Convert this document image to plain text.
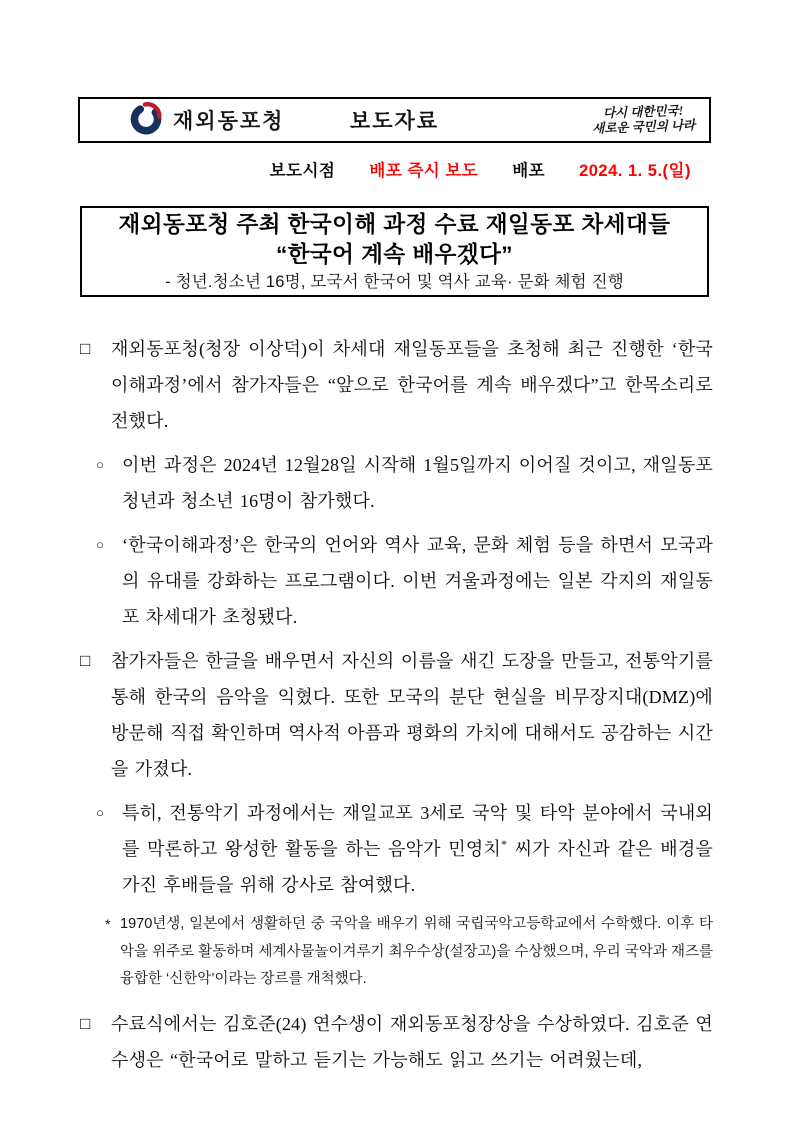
재외동포청	보도자료	다시 대한민국!
새로운 국민의 나라
보도시점 배포 즉시 보도 배포 2024. 1. 5.(일)
재외동포청 주최 한국이해 과정 수료 재일동포 차세대들
“한국어 계속 배우겠다”
- 청년.청소년 16명, 모국서 한국어 및 역사 교육· 문화 체험 진행
□	재외동포청(청장 이상덕)이 차세대 재일동포들을 초청해 최근 진행한 ‘한국이해과정’에서 참가자들은 “앞으로 한국어를 계속 배우겠다”고 한목소리로 전했다.
○ 이번 과정은 2024년 12월28일 시작해 1월5일까지 이어질 것이고, 재일동포 청년과 청소년 16명이 참가했다.
○ ‘한국이해과정’은 한국의 언어와 역사 교육, 문화 체험 등을 하면서 모국과의 유대를 강화하는 프로그램이다. 이번 겨울과정에는 일본 각지의 재일동포 차세대가 초청됐다.
□	참가자들은 한글을 배우면서 자신의 이름을 새긴 도장을 만들고, 전통악기를 통해 한국의 음악을 익혔다. 또한 모국의 분단 현실을 비무장지대(DMZ)에 방문해 직접 확인하며 역사적 아픔과 평화의 가치에 대해서도 공감하는 시간을 가졌다.
○ 특히, 전통악기 과정에서는 재일교포 3세로 국악 및 타악 분야에서 국내외를 막론하고 왕성한 활동을 하는 음악가 민영치* 씨가 자신과 같은 배경을 가진 후배들을 위해 강사로 참여했다.
* 1970년생, 일본에서 생활하던 중 국악을 배우기 위해 국립국악고등학교에서 수학했다. 이후 타악을 위주로 활동하며 세계사물놀이겨루기 최우수상(설장고)을 수상했으며, 우리 국악과 재즈를 융합한 ‘신한악’이라는 장르를 개척했다.
□	수료식에서는 김호준(24) 연수생이 재외동포청장상을 수상하였다. 김호준 연수생은 “한국어로 말하고 듣기는 가능해도 읽고 쓰기는 어려웠는데,
